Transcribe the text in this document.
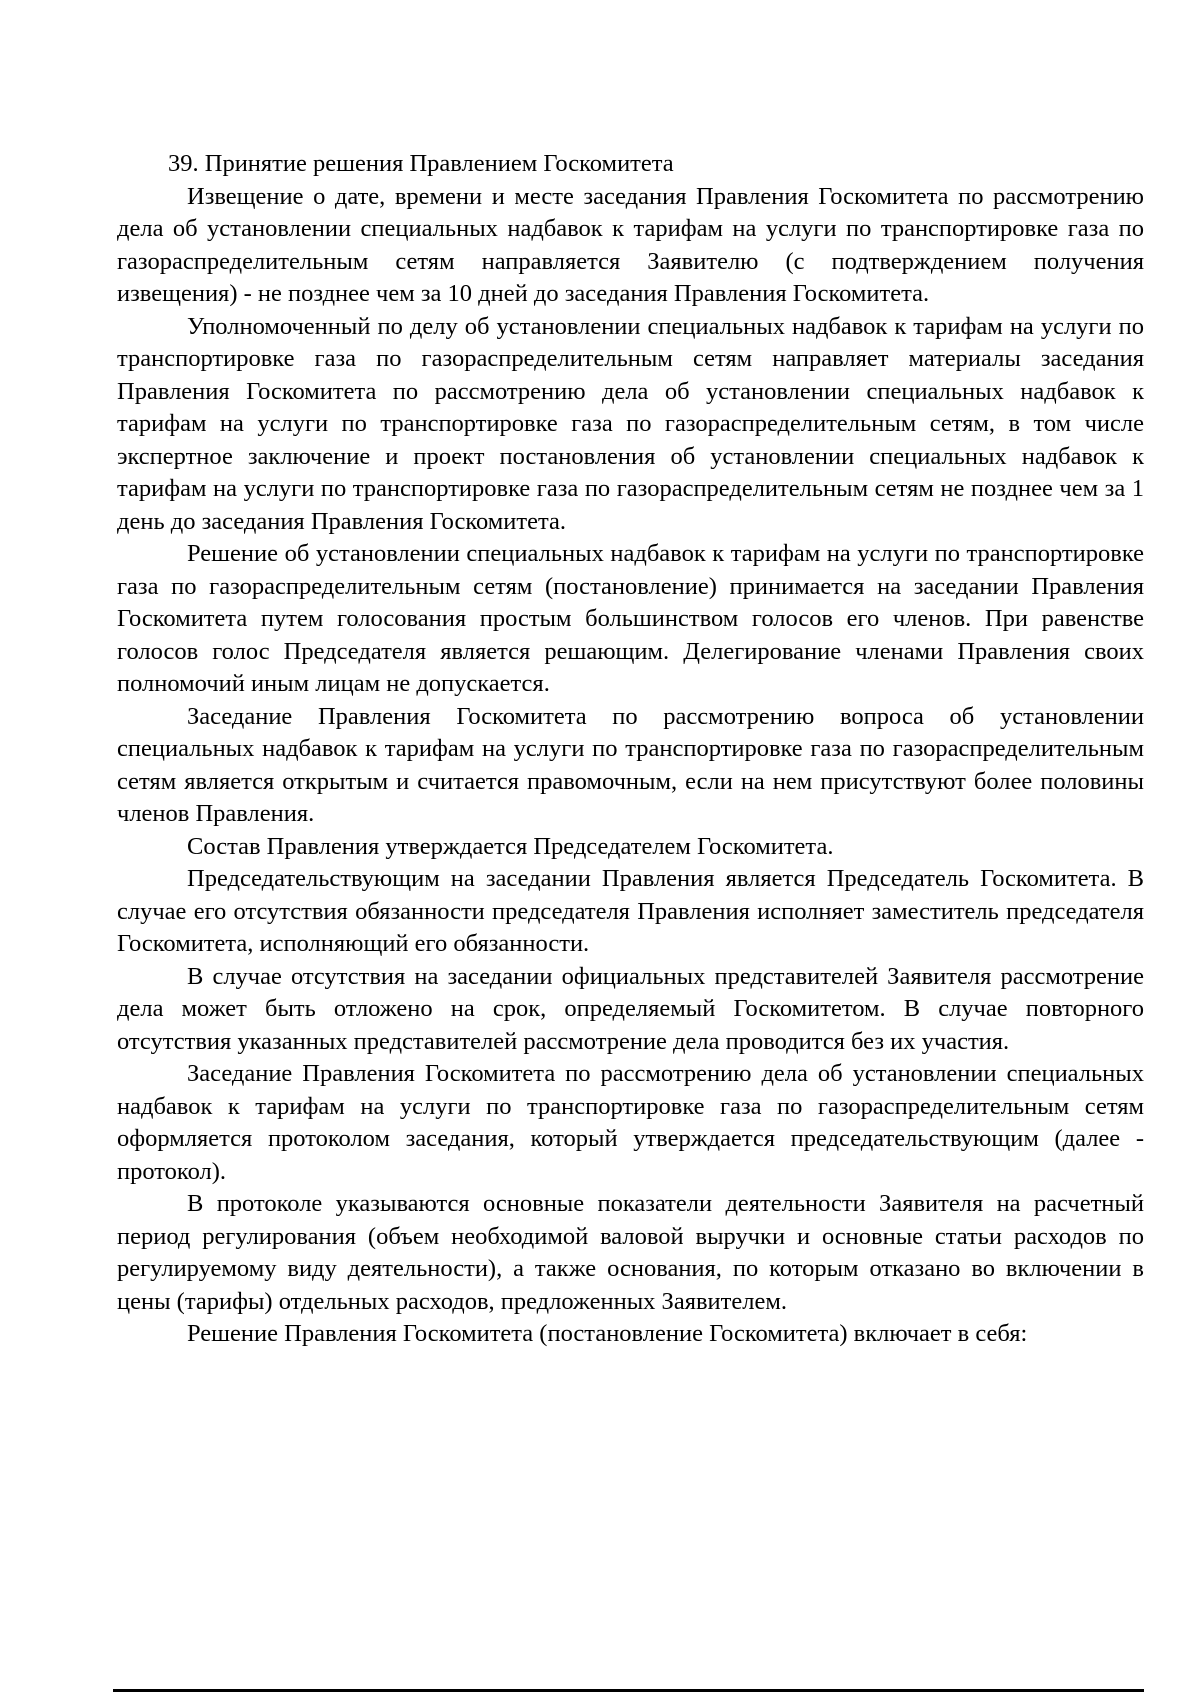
39. Принятие решения Правлением Госкомитета

Извещение о дате, времени и месте заседания Правления Госкомитета по рассмотрению дела об установлении специальных надбавок к тарифам на услуги по транспортировке газа по газораспределительным сетям направляется Заявителю (с подтверждением получения извещения) - не позднее чем за 10 дней до заседания Правления Госкомитета.

Уполномоченный по делу об установлении специальных надбавок к тарифам на услуги по транспортировке газа по газораспределительным сетям направляет материалы заседания Правления Госкомитета по рассмотрению дела об установлении специальных надбавок к тарифам на услуги по транспортировке газа по газораспределительным сетям, в том числе экспертное заключение и проект постановления об установлении специальных надбавок к тарифам на услуги по транспортировке газа по газораспределительным сетям не позднее чем за 1 день до заседания Правления Госкомитета.

Решение об установлении специальных надбавок к тарифам на услуги по транспортировке газа по газораспределительным сетям (постановление) принимается на заседании Правления Госкомитета путем голосования простым большинством голосов его членов. При равенстве голосов голос Председателя является решающим. Делегирование членами Правления своих полномочий иным лицам не допускается.

Заседание Правления Госкомитета по рассмотрению вопроса об установлении специальных надбавок к тарифам на услуги по транспортировке газа по газораспределительным сетям является открытым и считается правомочным, если на нем присутствуют более половины членов Правления.

Состав Правления утверждается Председателем Госкомитета.

Председательствующим на заседании Правления является Председатель Госкомитета. В случае его отсутствия обязанности председателя Правления исполняет заместитель председателя Госкомитета, исполняющий его обязанности.

В случае отсутствия на заседании официальных представителей Заявителя рассмотрение дела может быть отложено на срок, определяемый Госкомитетом. В случае повторного отсутствия указанных представителей рассмотрение дела проводится без их участия.

Заседание Правления Госкомитета по рассмотрению дела об установлении специальных надбавок к тарифам на услуги по транспортировке газа по газораспределительным сетям оформляется протоколом заседания, который утверждается председательствующим (далее - протокол).

В протоколе указываются основные показатели деятельности Заявителя на расчетный период регулирования (объем необходимой валовой выручки и основные статьи расходов по регулируемому виду деятельности), а также основания, по которым отказано во включении в цены (тарифы) отдельных расходов, предложенных Заявителем.

Решение Правления Госкомитета (постановление Госкомитета) включает в себя:
